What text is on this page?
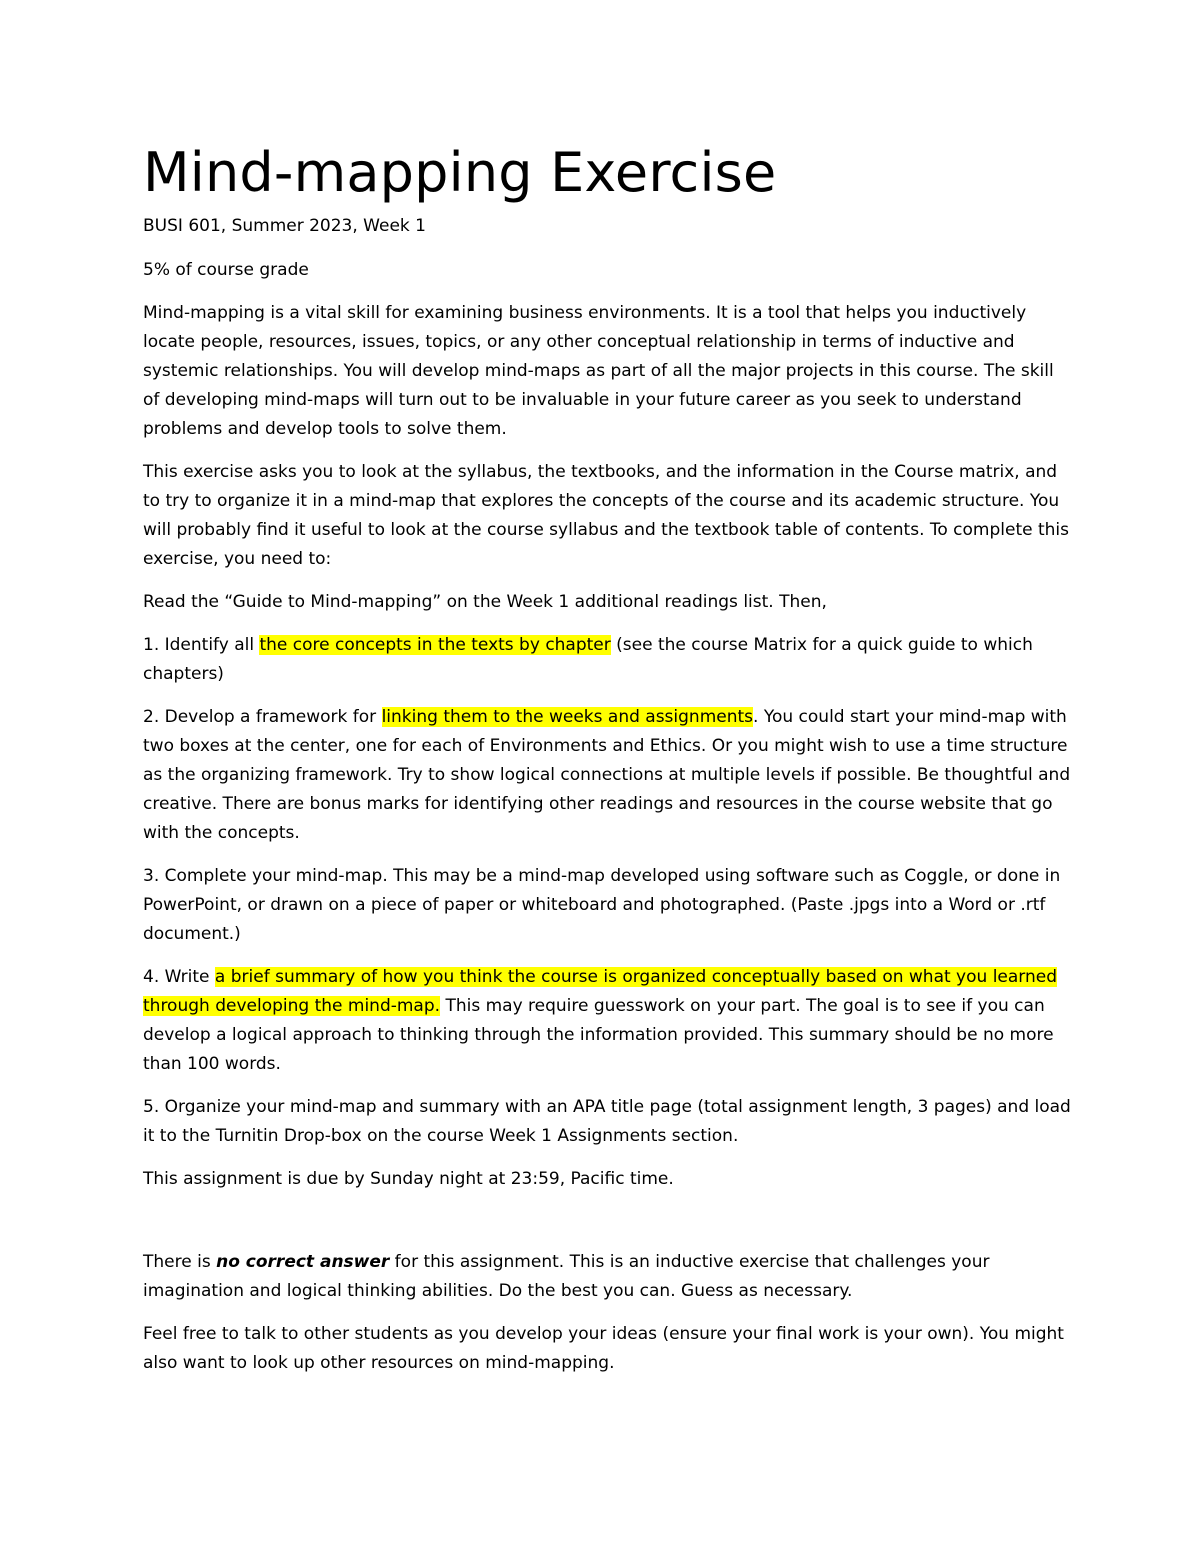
Mind-mapping Exercise

BUSI 601, Summer 2023, Week 1

5% of course grade

Mind-mapping is a vital skill for examining business environments. It is a tool that helps you inductively locate people, resources, issues, topics, or any other conceptual relationship in terms of inductive and systemic relationships. You will develop mind-maps as part of all the major projects in this course. The skill of developing mind-maps will turn out to be invaluable in your future career as you seek to understand problems and develop tools to solve them.

This exercise asks you to look at the syllabus, the textbooks, and the information in the Course matrix, and to try to organize it in a mind-map that explores the concepts of the course and its academic structure. You will probably find it useful to look at the course syllabus and the textbook table of contents. To complete this exercise, you need to:

Read the “Guide to Mind-mapping” on the Week 1 additional readings list. Then,

1. Identify all the core concepts in the texts by chapter (see the course Matrix for a quick guide to which chapters)

2. Develop a framework for linking them to the weeks and assignments. You could start your mind-map with two boxes at the center, one for each of Environments and Ethics. Or you might wish to use a time structure as the organizing framework. Try to show logical connections at multiple levels if possible. Be thoughtful and creative. There are bonus marks for identifying other readings and resources in the course website that go with the concepts.

3. Complete your mind-map. This may be a mind-map developed using software such as Coggle, or done in PowerPoint, or drawn on a piece of paper or whiteboard and photographed. (Paste .jpgs into a Word or .rtf document.)

4. Write a brief summary of how you think the course is organized conceptually based on what you learned through developing the mind-map. This may require guesswork on your part. The goal is to see if you can develop a logical approach to thinking through the information provided. This summary should be no more than 100 words.

5. Organize your mind-map and summary with an APA title page (total assignment length, 3 pages) and load it to the Turnitin Drop-box on the course Week 1 Assignments section.

This assignment is due by Sunday night at 23:59, Pacific time.

There is no correct answer for this assignment. This is an inductive exercise that challenges your imagination and logical thinking abilities. Do the best you can. Guess as necessary.

Feel free to talk to other students as you develop your ideas (ensure your final work is your own). You might also want to look up other resources on mind-mapping.
